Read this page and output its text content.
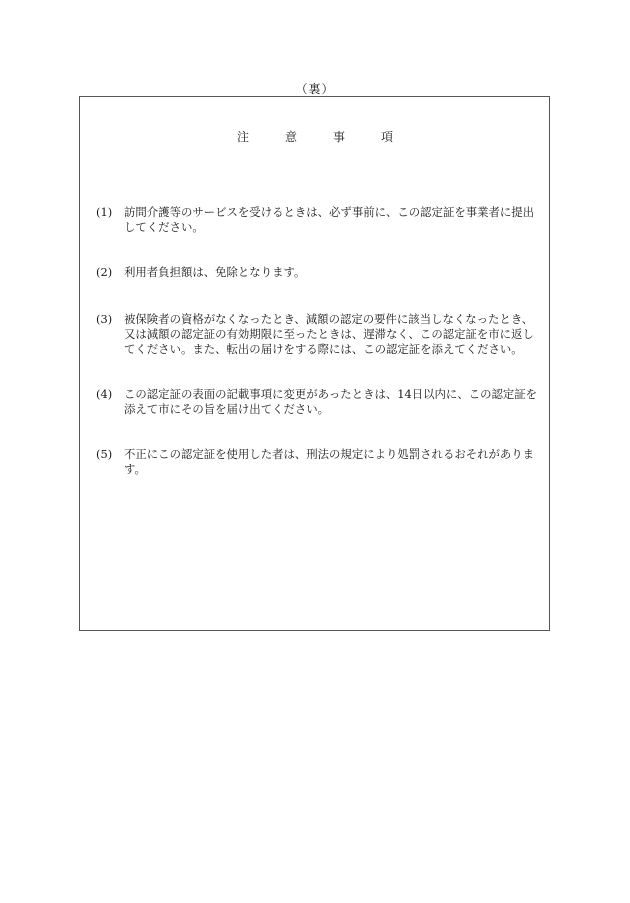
（裏）
注　　　意　　　事　　　項
(1)	訪問介護等のサービスを受けるときは、必ず事前に、この認定証を事業者に提出してください。
(2)	利用者負担額は、免除となります。
(3)	被保険者の資格がなくなったとき、減額の認定の要件に該当しなくなったとき、又は減額の認定証の有効期限に至ったときは、遅滞なく、この認定証を市に返してください。また、転出の届けをする際には、この認定証を添えてください。
(4)	この認定証の表面の記載事項に変更があったときは、14日以内に、この認定証を添えて市にその旨を届け出てください。
(5)	不正にこの認定証を使用した者は、刑法の規定により処罰されるおそれがあります。
